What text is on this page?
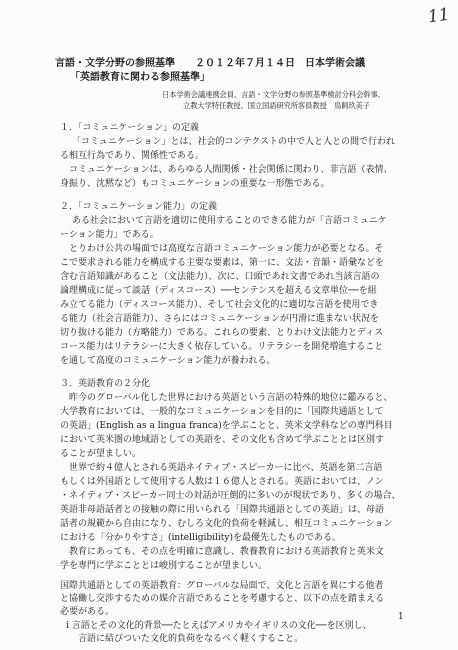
11
言語・文学分野の参照基準　　２０１２年７月１４日　日本学術会議
「英語教育に関わる参照基準」
日本学術会議連携会員、言語・文学分野の参照基準検討分科会幹事、
立教大学特任教授、国立国語研究所客員教授　鳥飼玖美子
１．「コミュニケーション」の定義
「コミュニケーション」とは、社会的コンテクストの中で人と人との間で行われ
る相互行為であり、関係性である。
　コミュニケーションは、あらゆる人間関係・社会関係に関わり、非言語（表情、
身振り、沈黙など）もコミュニケーションの重要な一形態である。
２．「コミュニケーション能力」の定義
ある社会において言語を適切に使用することのできる能力が「言語コミュニケ
ーション能力」である。
　とりわけ公共の場面では高度な言語コミュニケーション能力が必要となる。そ
こで要求される能力を構成する主要な要素は、第一に、文法・音韻・語彙などを
含む言語知識があること（文法能力）、次に、口頭であれ文書であれ当該言語の
論理構成に従って談話（ディスコース）──センテンスを超える文章単位──を組
み立てる能力（ディスコース能力）、そして社会文化的に適切な言語を使用でき
る能力（社会言語能力）、さらにはコミュニケーションが円滑に進まない状況を
切り抜ける能力（方略能力）である。これらの要素、とりわけ文法能力とディス
コース能力はリテラシーに大きく依存している。リテラシーを開発増進すること
を通して高度のコミュニケーション能力が養われる。
３．英語教育の２分化
　昨今のグローバル化した世界における英語という言語の特殊的地位に鑑みると、
大学教育においては、一般的なコミュニケーションを目的に「国際共通語として
の英語」(English as a lingua franca)を学ぶことと、英米文学科などの専門科目
において英米圏の地域語としての英語を、その文化も含めて学ぶこととは区別す
ることが望ましい。
　世界で約４億人とされる英語ネイティブ・スピーカーに比べ、英語を第二言語
もしくは外国語として使用する人数は１６億人とされる。英語においては、ノン
・ネイティブ・スピーカー同士の対話が圧倒的に多いのが現状であり、多くの場合、
英語非母語話者との接触の際に用いられる「国際共通語としての英語」は、母語
話者の規範から自由になり、むしろ文化的負荷を軽減し、相互コミュニケーション
における「分かりやすさ」(intelligibility)を最優先したものである。
　教育にあっても、その点を明確に意識し、教養教育における英語教育と英米文
学を専門に学ぶこととは峻別することが望ましい。
国際共通語としての英語教育：グローバルな局面で、文化と言語を異にする他者
と協働し交渉するための媒介言語であることを考慮すると、以下の点を踏まえる
必要がある。
ⅰ 言語とその文化的背景──たとえばアメリカやイギリスの文化──を区別し、
言語に結びついた文化的負荷をなるべく軽くすること。
1
